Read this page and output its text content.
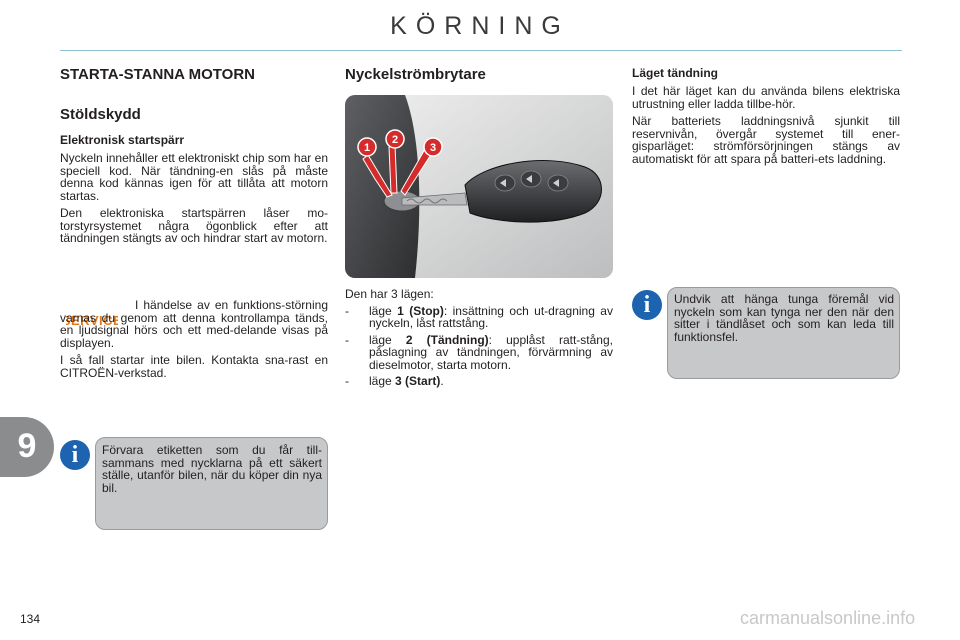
KÖRNING
STARTA-STANNA MOTORN
Stöldskydd
Elektronisk startspärr

Nyckeln innehåller ett elektroniskt chip som har en speciell kod. När tändning-en slås på måste denna kod kännas igen för att tillåta att motorn startas.

Den elektroniska startspärren låser mo-torstyrsystemet några ögonblick efter att tändningen stängts av och hindrar start av motorn.

SERVICE

I händelse av en funktions-störning varnas du genom att denna kontrollampa tänds, en ljudsignal hörs och ett med-delande visas på displayen.

I så fall startar inte bilen. Kontakta sna-rast en CITROËN-verkstad.

i	Förvara etiketten som du får till-sammans med nycklarna på ett säkert ställe, utanför bilen, när du köper din nya bil.
Nyckelströmbrytare
1
2
3

Den har 3 lägen:

- läge 1 (Stop): insättning och ut-dragning av nyckeln, låst rattstång.
- läge 2 (Tändning): upplåst ratt-stång, påslagning av tändningen, förvärmning av dieselmotor, starta motorn.
- läge 3 (Start).
Läget tändning

I det här läget kan du använda bilens elektriska utrustning eller ladda tillbe-hör.

När batteriets laddningsnivå sjunkit till reservnivån, övergår systemet till ener-gisparläget: strömförsörjningen stängs av automatiskt för att spara på batteri-ets laddning.

i	Undvik att hänga tunga föremål vid nyckeln som kan tynga ner den när den sitter i tändlåset och som kan leda till funktionsfel.
9
134	carmanualsonline.info
